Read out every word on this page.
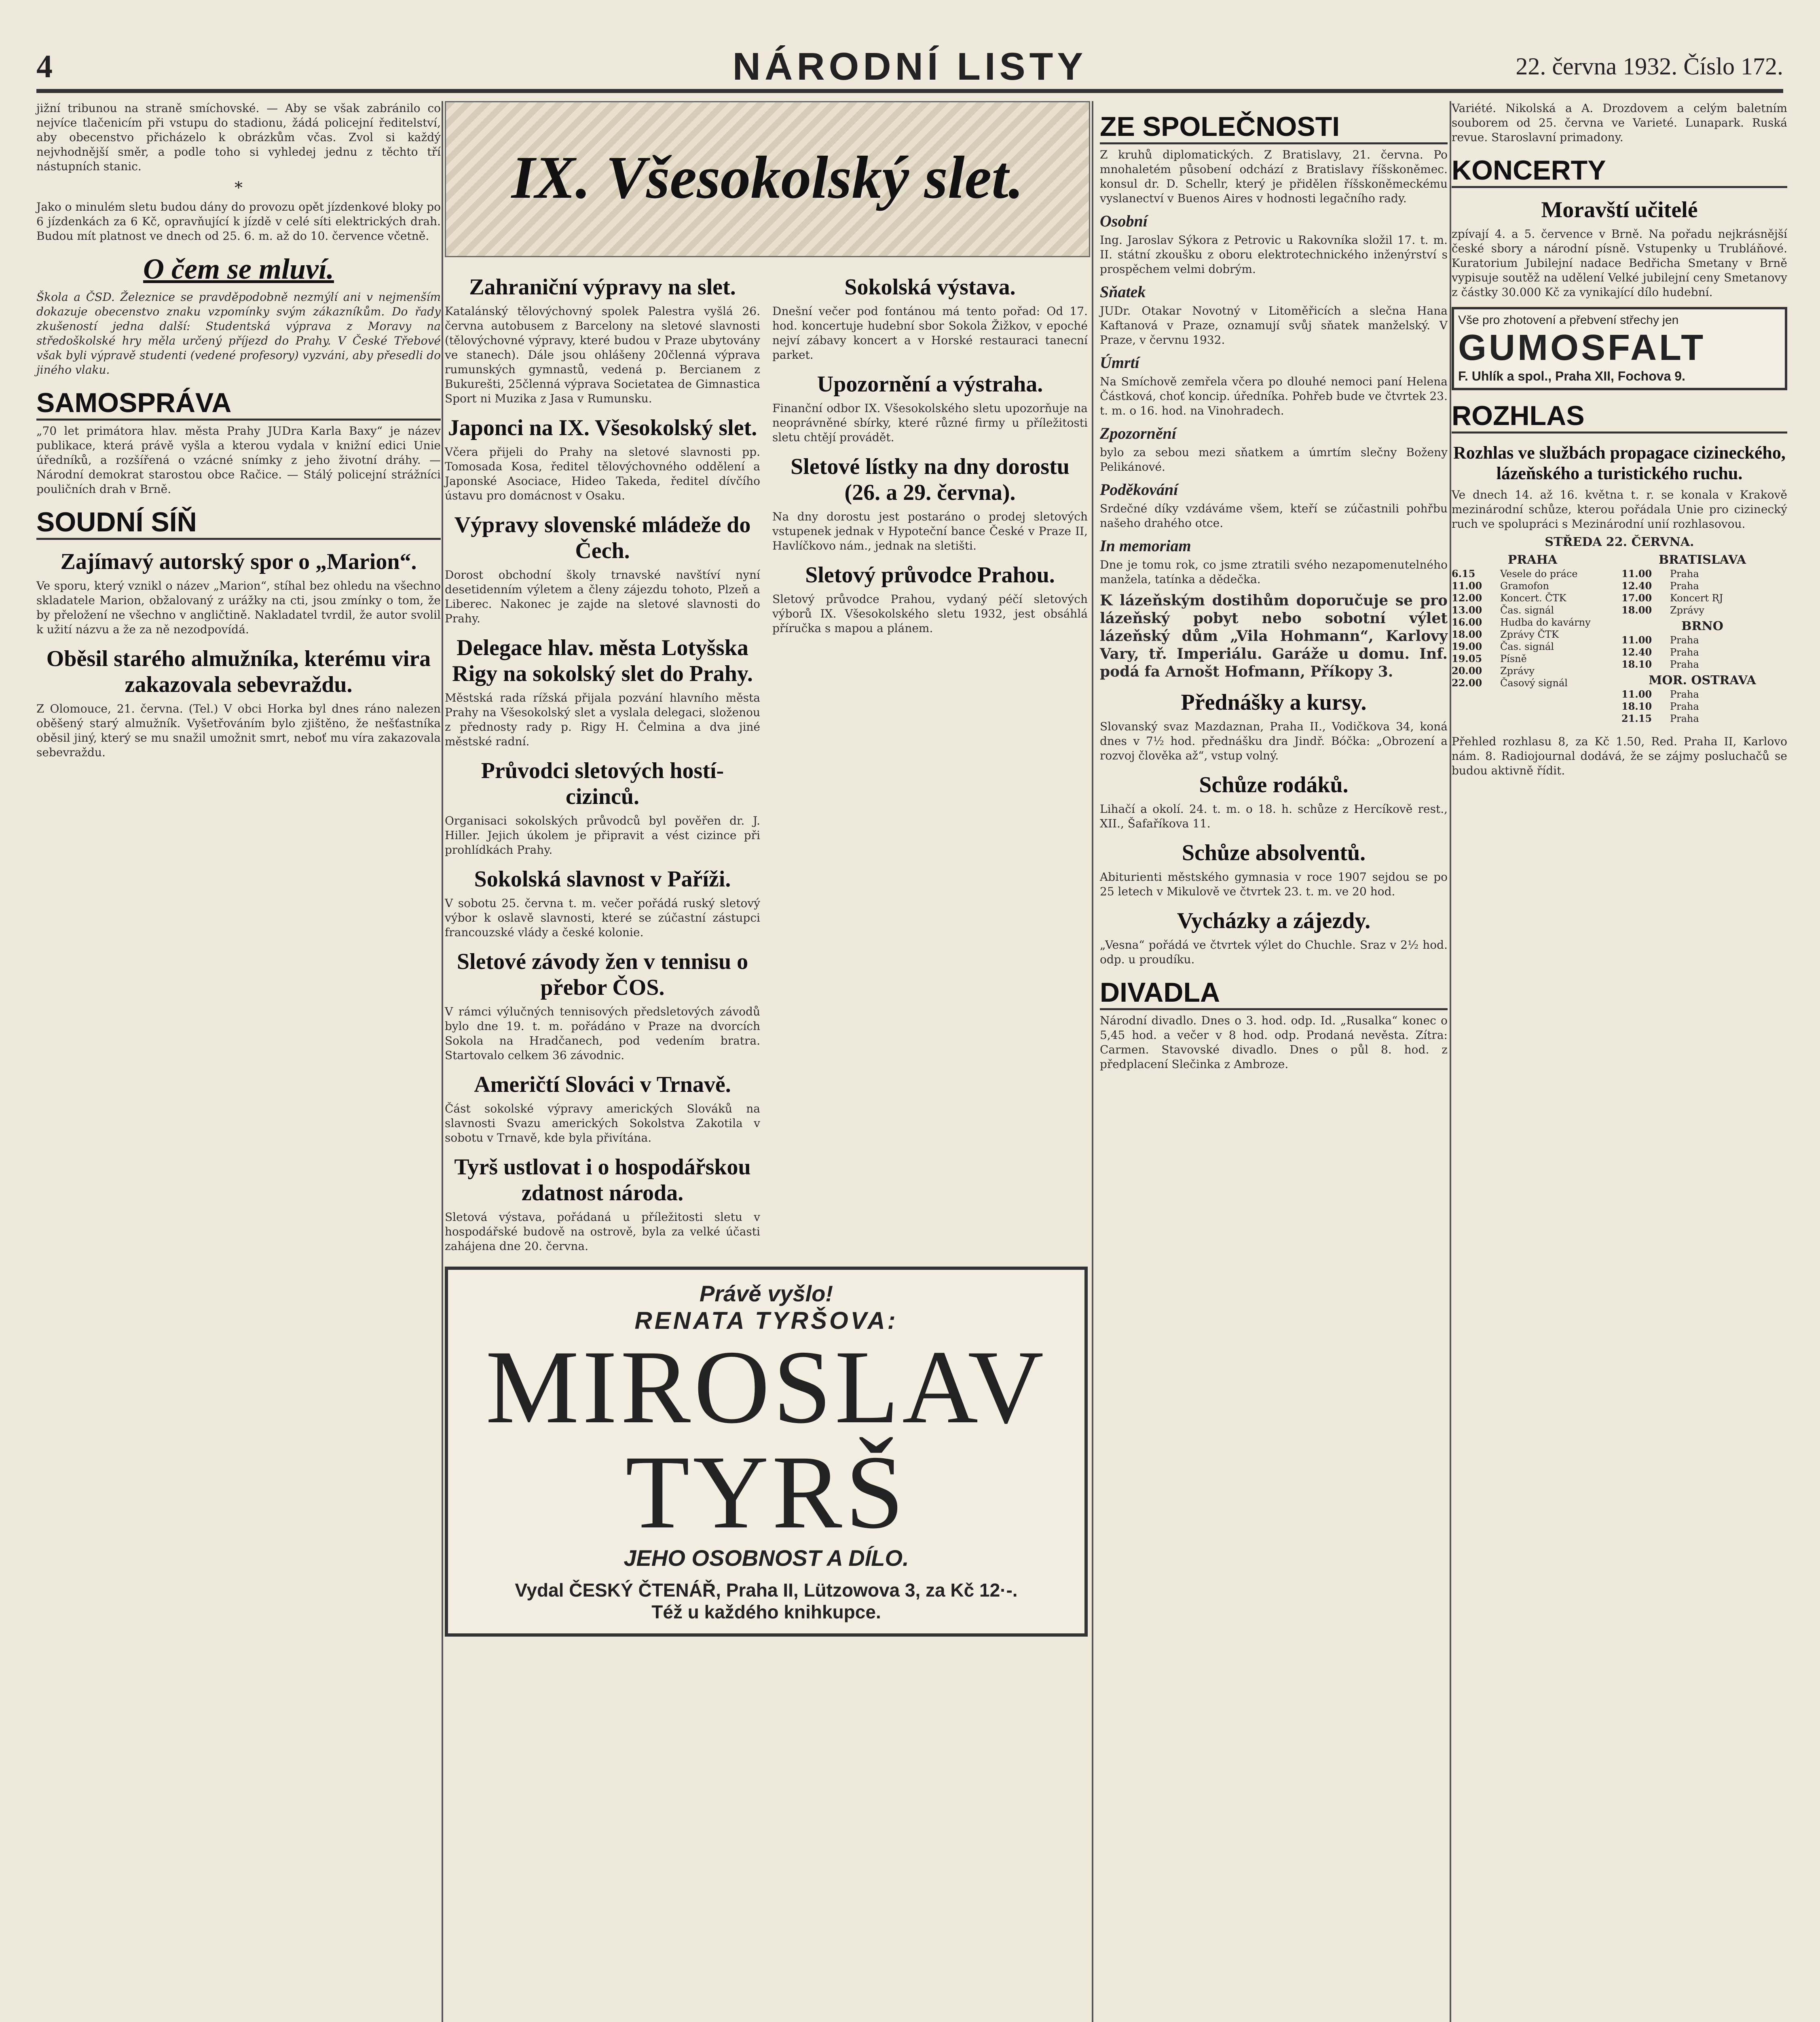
4	NÁRODNÍ LISTY	22. června 1932. Číslo 172.

jižní tribunou na straně smíchovské. — Aby se však zabránilo co nejvíce tlačenicím při vstupu do stadionu, žádá policejní ředitelství, aby obecenstvo přicházelo k obrázkům včas. Zvol si každý nejvhodnější směr, a podle toho si vyhledej jednu z těchto tří nástupních stanic.

*

Jako o minulém sletu budou dány do provozu opět jízdenkové bloky po 6 jízdenkách za 6 Kč, opravňující k jízdě v celé síti elektrických drah. Budou mít platnost ve dnech od 25. 6. m. až do 10. července včetně.

O čem se mluví.

Škola a ČSD. Železnice se pravděpodobně nezmýlí ani v nejmenším dokazuje obecenstvo znaku vzpomínky svým zákazníkům. Do řady zkušeností jedna další: Studentská výprava z Moravy na středoškolské hry měla určený příjezd do Prahy. V České Třebové však byli výpravě studenti (vedené profesory) vyzváni, aby přesedli do jiného vlaku.

SAMOSPRÁVA

„70 let primátora hlav. města Prahy JUDra Karla Baxy“ je název publikace, která právě vyšla a kterou vydala v knižní edici Unie úředníků, a rozšířená o vzácné snímky z jeho životní dráhy. — Národní demokrat starostou obce Račice. — Stálý policejní strážníci pouličních drah v Brně.

SOUDNÍ SÍŇ
Zajímavý autorský spor o „Marion“.

Ve sporu, který vznikl o název „Marion“, stíhal bez ohledu na všechno skladatele Marion, obžalovaný z urážky na cti, jsou zmínky o tom, že by přeložení ne všechno v angličtině. Nakladatel tvrdil, že autor svolil k užití názvu a že za ně nezodpovídá.

Oběsil starého almužníka, kterému vira zakazovala sebevraždu.

Z Olomouce, 21. června. (Tel.) V obci Horka byl dnes ráno nalezen oběšený starý almužník. Vyšetřováním bylo zjištěno, že nešťastníka oběsil jiný, který se mu snažil umožnit smrt, neboť mu víra zakazovala sebevraždu.

IX. Všesokolský slet.
Zahraniční výpravy na slet.

Katalánský tělovýchovný spolek Palestra vyšlá 26. června autobusem z Barcelony na sletové slavnosti (tělovýchovné výpravy, které budou v Praze ubytovány ve stanech). Dále jsou ohlášeny 20členná výprava rumunských gymnastů, vedená p. Bercianem z Bukurešti, 25členná výprava Societatea de Gimnastica Sport ni Muzika z Jasa v Rumunsku.

Japonci na IX. Všesokolský slet.

Včera přijeli do Prahy na sletové slavnosti pp. Tomosada Kosa, ředitel tělovýchovného oddělení a Japonské Asociace, Hideo Takeda, ředitel dívčího ústavu pro domácnost v Osaku.

Výpravy slovenské mládeže do Čech.

Dorost obchodní školy trnavské navštíví nyní desetidenním výletem a členy zájezdu tohoto, Plzeň a Liberec. Nakonec je zajde na sletové slavnosti do Prahy.

Delegace hlav. města Lotyšska Rigy na sokolský slet do Prahy.

Městská rada rížská přijala pozvání hlavního města Prahy na Všesokolský slet a vyslala delegaci, složenou z přednosty rady p. Rigy H. Čelmina a dva jiné městské radní.

Průvodci sletových hostí-cizinců.

Organisaci sokolských průvodců byl pověřen dr. J. Hiller. Jejich úkolem je připravit a vést cizince při prohlídkách Prahy.

Sokolská slavnost v Paříži.

V sobotu 25. června t. m. večer pořádá ruský sletový výbor k oslavě slavnosti, které se zúčastní zástupci francouzské vlády a české kolonie.

Sletové závody žen v tennisu o přebor ČOS.

V rámci výlučných tennisových předsletových závodů bylo dne 19. t. m. pořádáno v Praze na dvorcích Sokola na Hradčanech, pod vedením bratra. Startovalo celkem 36 závodnic.

Američtí Slováci v Trnavě.

Část sokolské výpravy amerických Slováků na slavnosti Svazu amerických Sokolstva Zakotila v sobotu v Trnavě, kde byla přivítána.

Tyrš ustlovat i o hospodářskou zdatnost národa.

Sletová výstava, pořádaná u příležitosti sletu v hospodářské budově na ostrově, byla za velké účasti zahájena dne 20. června.

Sokolská výstava.

Dnešní večer pod fontánou má tento pořad: Od 17. hod. koncertuje hudební sbor Sokola Žižkov, v epoché nejví zábavy koncert a v Horské restauraci tanecní parket.

Upozornění a výstraha.

Finanční odbor IX. Všesokolského sletu upozorňuje na neoprávněné sbírky, které různé firmy u příležitosti sletu chtějí provádět.

Sletové lístky na dny dorostu (26. a 29. června).

Na dny dorostu jest postaráno o prodej sletových vstupenek jednak v Hypoteční bance České v Praze II, Havlíčkovo nám., jednak na sletišti.

Sletový průvodce Prahou.

Sletový průvodce Prahou, vydaný péčí sletových výborů IX. Všesokolského sletu 1932, jest obsáhlá příručka s mapou a plánem.

Právě vyšlo!
RENATA TYRŠOVA:
MIROSLAV TYRŠ
JEHO OSOBNOST A DÍLO.
Vydal ČESKÝ ČTENÁŘ, Praha II, Lützowova 3, za Kč 12·-.
Též u každého knihkupce.
ZE SPOLEČNOSTI

Z kruhů diplomatických. Z Bratislavy, 21. června. Po mnohaletém působení odchází z Bratislavy říšskoněmec. konsul dr. D. Schellr, který je přidělen říšskoněmeckému vyslanectví v Buenos Aires v hodnosti legačního rady.

Osobní

Ing. Jaroslav Sýkora z Petrovic u Rakovníka složil 17. t. m. II. státní zkoušku z oboru elektrotechnického inženýrství s prospěchem velmi dobrým.

Sňatek

JUDr. Otakar Novotný v Litoměřicích a slečna Hana Kaftanová v Praze, oznamují svůj sňatek manželský. V Praze, v červnu 1932.

Úmrtí

Na Smíchově zemřela včera po dlouhé nemoci paní Helena Částková, choť koncip. úředníka. Pohřeb bude ve čtvrtek 23. t. m. o 16. hod. na Vinohradech.

Zpozornění

bylo za sebou mezi sňatkem a úmrtím slečny Boženy Pelikánové.

Poděkování

Srdečné díky vzdáváme všem, kteří se zúčastnili pohřbu našeho drahého otce.

In memoriam

Dne je tomu rok, co jsme ztratili svého nezapomenutelného manžela, tatínka a dědečka.

K lázeňským dostihům doporučuje se pro lázeňský pobyt nebo sobotní výlet lázeňský dům „Vila Hohmann“, Karlovy Vary, tř. Imperiálu. Garáže u domu. Inf. podá fa Arnošt Hofmann, Příkopy 3.

Přednášky a kursy.

Slovanský svaz Mazdaznan, Praha II., Vodičkova 34, koná dnes v 7½ hod. přednášku dra Jindř. Bóčka: „Obrození a rozvoj člověka až“, vstup volný.

Schůze rodáků.

Lihačí a okolí. 24. t. m. o 18. h. schůze z Hercíkově rest., XII., Šafaříkova 11.

Schůze absolventů.

Abiturienti městského gymnasia v roce 1907 sejdou se po 25 letech v Mikulově ve čtvrtek 23. t. m. ve 20 hod.

Vycházky a zájezdy.

„Vesna“ pořádá ve čtvrtek výlet do Chuchle. Sraz v 2½ hod. odp. u proudíku.

DIVADLA

Národní divadlo. Dnes o 3. hod. odp. Id. „Rusalka“ konec o 5,45 hod. a večer v 8 hod. odp. Prodaná nevěsta. Zítra: Carmen. Stavovské divadlo. Dnes o půl 8. hod. z předplacení Slečinka z Ambroze.

Variété. Nikolská a A. Drozdovem a celým baletním souborem od 25. června ve Varieté. Lunapark. Ruská revue. Staroslavní primadony.

KONCERTY
Moravští učitelé

zpívají 4. a 5. července v Brně. Na pořadu nejkrásnější české sbory a národní písně. Vstupenky u Trubláňové. Kuratorium Jubilejní nadace Bedřicha Smetany v Brně vypisuje soutěž na udělení Velké jubilejní ceny Smetanovy z částky 30.000 Kč za vynikající dílo hudební.

Vše pro zhotovení a přebvení střechy jen
GUMOSFALT
F. Uhlík a spol., Praha XII, Fochova 9.
ROZHLAS
Rozhlas ve službách propagace cizineckého, lázeňského a turistického ruchu.

Ve dnech 14. až 16. května t. r. se konala v Krakově mezinárodní schůze, kterou pořádala Unie pro cizinecký ruch ve spolupráci s Mezinárodní unií rozhlasovou.

STŘEDA 22. ČERVNA.
PRAHA
6.15	Vesele do práce
11.00	Gramofon
12.00	Koncert. ČTK
13.00	Čas. signál
16.00	Hudba do kavárny
18.00	Zprávy ČTK
19.00	Čas. signál
19.05	Písně
20.00	Zprávy
22.00	Časový signál
BRATISLAVA
11.00	Praha
12.40	Praha
17.00	Koncert RJ
18.00	Zprávy
BRNO
11.00	Praha
12.40	Praha
18.10	Praha
MOR. OSTRAVA
11.00	Praha
18.10	Praha
21.15	Praha

Přehled rozhlasu 8, za Kč 1.50, Red. Praha II, Karlovo nám. 8. Radiojournal dodává, že se zájmy posluchačů se budou aktivně řídit.
